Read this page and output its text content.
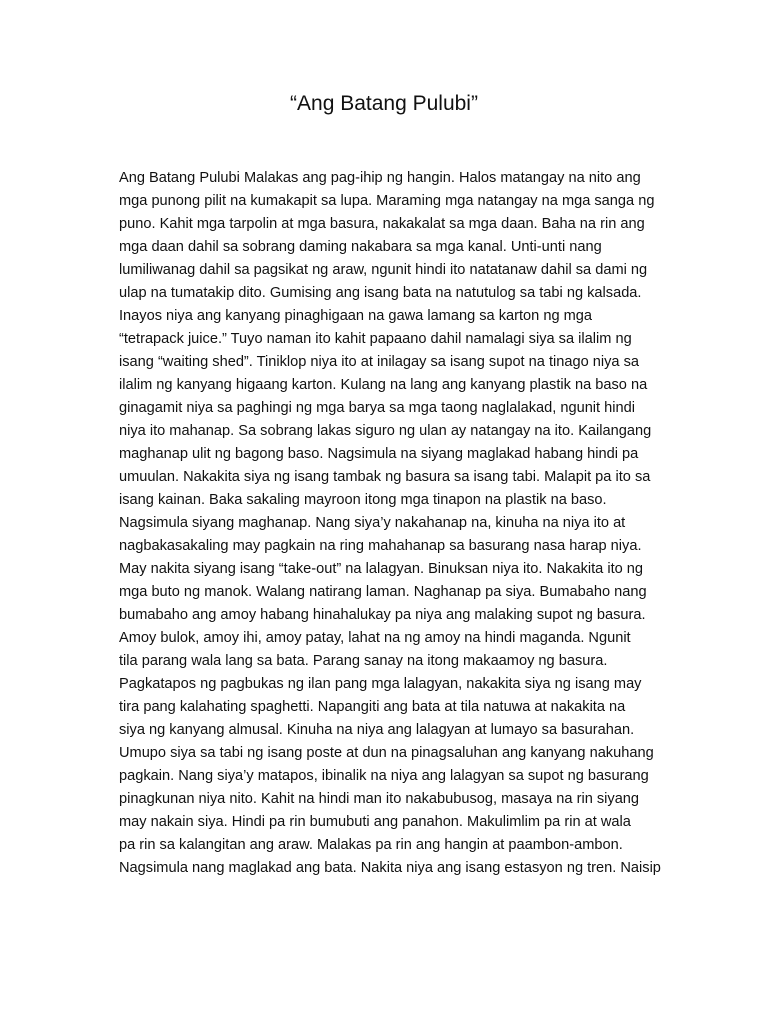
“Ang Batang Pulubi”
Ang Batang Pulubi Malakas ang pag-ihip ng hangin. Halos matangay na nito ang
mga punong pilit na kumakapit sa lupa. Maraming mga natangay na mga sanga ng
puno. Kahit mga tarpolin at mga basura, nakakalat sa mga daan. Baha na rin ang
mga daan dahil sa sobrang daming nakabara sa mga kanal. Unti-unti nang
lumiliwanag dahil sa pagsikat ng araw, ngunit hindi ito natatanaw dahil sa dami ng
ulap na tumatakip dito. Gumising ang isang bata na natutulog sa tabi ng kalsada.
Inayos niya ang kanyang pinaghigaan na gawa lamang sa karton ng mga
“tetrapack juice.” Tuyo naman ito kahit papaano dahil namalagi siya sa ilalim ng
isang “waiting shed”. Tiniklop niya ito at inilagay sa isang supot na tinago niya sa
ilalim ng kanyang higaang karton. Kulang na lang ang kanyang plastik na baso na
ginagamit niya sa paghingi ng mga barya sa mga taong naglalakad, ngunit hindi
niya ito mahanap. Sa sobrang lakas siguro ng ulan ay natangay na ito. Kailangang
maghanap ulit ng bagong baso. Nagsimula na siyang maglakad habang hindi pa
umuulan. Nakakita siya ng isang tambak ng basura sa isang tabi. Malapit pa ito sa
isang kainan. Baka sakaling mayroon itong mga tinapon na plastik na baso.
Nagsimula siyang maghanap. Nang siya’y nakahanap na, kinuha na niya ito at
nagbakasakaling may pagkain na ring mahahanap sa basurang nasa harap niya.
May nakita siyang isang “take-out” na lalagyan. Binuksan niya ito. Nakakita ito ng
mga buto ng manok. Walang natirang laman. Naghanap pa siya. Bumabaho nang
bumabaho ang amoy habang hinahalukay pa niya ang malaking supot ng basura.
Amoy bulok, amoy ihi, amoy patay, lahat na ng amoy na hindi maganda. Ngunit
tila parang wala lang sa bata. Parang sanay na itong makaamoy ng basura.
Pagkatapos ng pagbukas ng ilan pang mga lalagyan, nakakita siya ng isang may
tira pang kalahating spaghetti. Napangiti ang bata at tila natuwa at nakakita na
siya ng kanyang almusal. Kinuha na niya ang lalagyan at lumayo sa basurahan.
Umupo siya sa tabi ng isang poste at dun na pinagsaluhan ang kanyang nakuhang
pagkain. Nang siya’y matapos, ibinalik na niya ang lalagyan sa supot ng basurang
pinagkunan niya nito. Kahit na hindi man ito nakabubusog, masaya na rin siyang
may nakain siya. Hindi pa rin bumubuti ang panahon. Makulimlim pa rin at wala
pa rin sa kalangitan ang araw. Malakas pa rin ang hangin at paambon-ambon.
Nagsimula nang maglakad ang bata. Nakita niya ang isang estasyon ng tren. Naisip
